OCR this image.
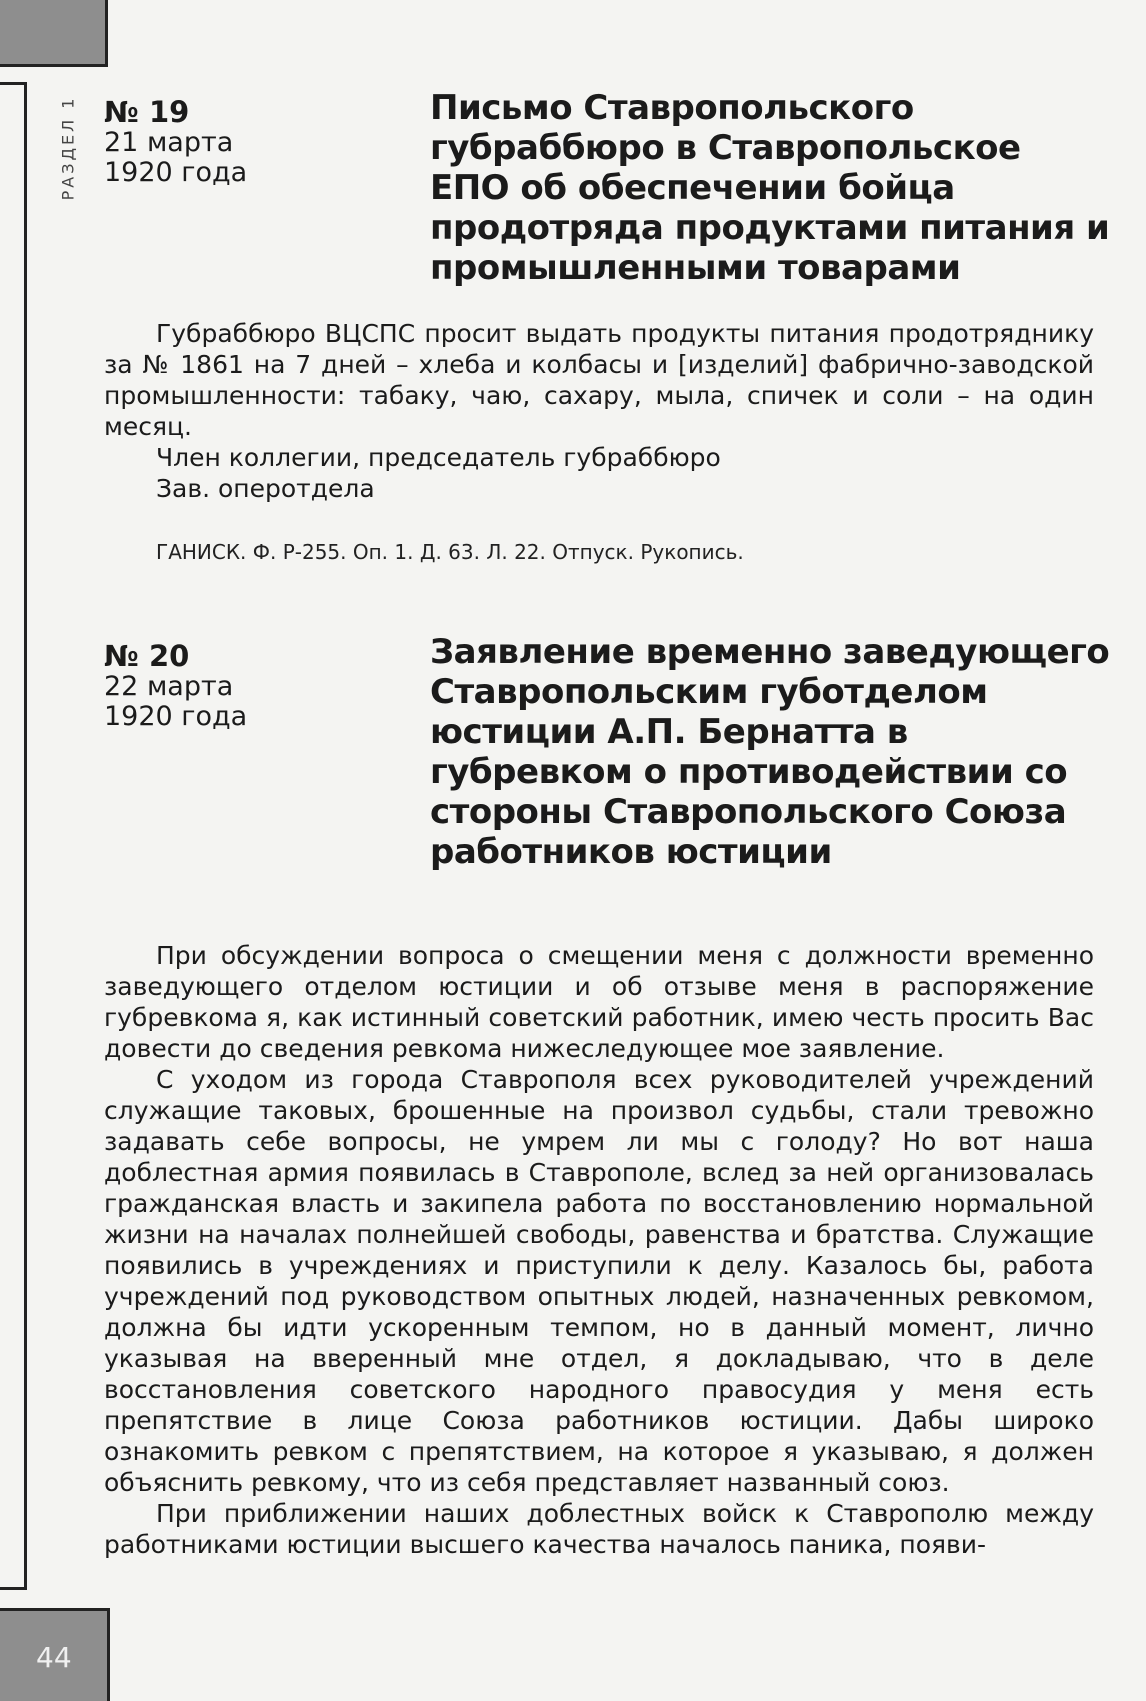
РАЗДЕЛ 1 № 19
21 марта
1920 года
Письмо Ставропольского губраббюро в Ставропольское ЕПО об обеспечении бойца продотряда продуктами питания и промышленными товарами

Губраббюро ВЦСПС просит выдать продукты питания продотряднику за № 1861 на 7 дней – хлеба и колбасы и [изделий] фабрично-заводской промышленности: табаку, чаю, сахару, мыла, спичек и соли – на один месяц.

Член коллегии, председатель губраббюро
Зав. оперотдела
ГАНИСК. Ф. Р-255. Оп. 1. Д. 63. Л. 22. Отпуск. Рукопись.
№ 20
22 марта
1920 года
Заявление временно заведующего Ставропольским губотделом юстиции А.П. Бернатта в губревком о противодействии со стороны Ставропольского Союза работников юстиции

При обсуждении вопроса о смещении меня с должности временно заведующего отделом юстиции и об отзыве меня в распоряжение губревкома я, как истинный советский работник, имею честь просить Вас довести до сведения ревкома нижеследующее мое заявление.

С уходом из города Ставрополя всех руководителей учреждений служащие таковых, брошенные на произвол судьбы, стали тревожно задавать себе вопросы, не умрем ли мы с голоду? Но вот наша доблестная армия появилась в Ставрополе, вслед за ней организовалась гражданская власть и закипела работа по восстановлению нормальной жизни на началах полнейшей свободы, равенства и братства. Служащие появились в учреждениях и приступили к делу. Казалось бы, работа учреждений под руководством опытных людей, назначенных ревкомом, должна бы идти ускоренным темпом, но в данный момент, лично указывая на вверенный мне отдел, я докладываю, что в деле восстановления советского народного правосудия у меня есть препятствие в лице Союза работников юстиции. Дабы широко ознакомить ревком с препятствием, на которое я указываю, я должен объяснить ревкому, что из себя представляет названный союз.

При приближении наших доблестных войск к Ставрополю между работниками юстиции высшего качества началось паника, появи-

44
